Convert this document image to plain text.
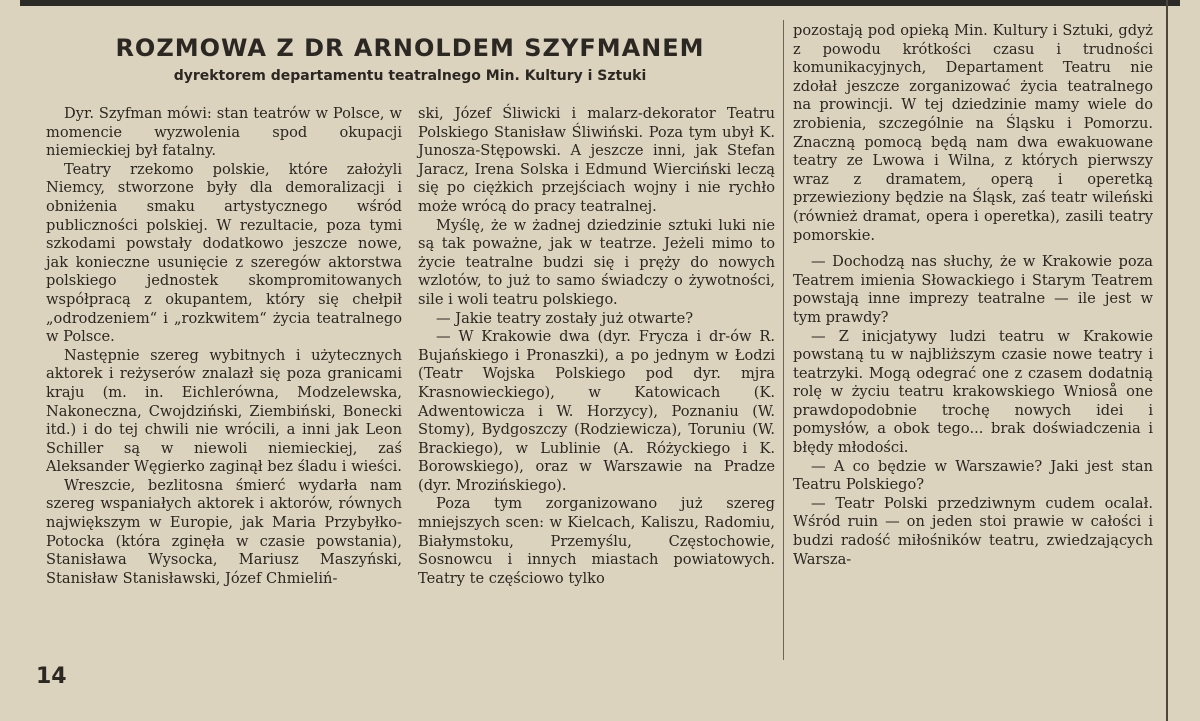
ROZMOWA Z DR ARNOLDEM SZYFMANEM
dyrektorem departamentu teatralnego Min. Kultury i Sztuki

Dyr. Szyfman mówi: stan teatrów w Polsce, w momencie wyzwolenia spod okupacji niemieckiej był fatalny.

Teatry rzekomo polskie, które założyli Niemcy, stworzone były dla demoralizacji i obniżenia smaku artystycznego wśród publiczności polskiej. W rezultacie, poza tymi szkodami powstały dodatkowo jeszcze nowe, jak konieczne usunięcie z szeregów aktorstwa polskiego jednostek skompromitowanych współpracą z okupantem, który się chełpił „odrodzeniem“ i „rozkwitem“ życia teatralnego w Polsce.

Następnie szereg wybitnych i użytecznych aktorek i reżyserów znalazł się poza granicami kraju (m. in. Eichlerówna, Modzelewska, Nakoneczna, Cwojdziński, Ziembiński, Bonecki itd.) i do tej chwili nie wrócili, a inni jak Leon Schiller są w niewoli niemieckiej, zaś Aleksander Węgierko zaginął bez śladu i wieści.

Wreszcie, bezlitosna śmierć wydarła nam szereg wspaniałych aktorek i aktorów, równych największym w Europie, jak Maria Przybyłko-Potocka (która zginęła w czasie powstania), Stanisława Wysocka, Mariusz Maszyński, Stanisław Stanisławski, Józef Chmieliń-

ski, Józef Śliwicki i malarz-dekorator Teatru Polskiego Stanisław Śliwiński. Poza tym ubył K. Junosza-Stępowski. A jeszcze inni, jak Stefan Jaracz, Irena Solska i Edmund Wierciński leczą się po ciężkich przejściach wojny i nie rychło może wrócą do pracy teatralnej.

Myślę, że w żadnej dziedzinie sztuki luki nie są tak poważne, jak w teatrze. Jeżeli mimo to życie teatralne budzi się i pręży do nowych wzlotów, to już to samo świadczy o żywotności, sile i woli teatru polskiego.

— Jakie teatry zostały już otwarte?

— W Krakowie dwa (dyr. Frycza i dr-ów R. Bujańskiego i Pronaszki), a po jednym w Łodzi (Teatr Wojska Polskiego pod dyr. mjra Krasnowieckiego), w Katowicach (K. Adwentowicza i W. Horzycy), Poznaniu (W. Stomy), Bydgoszczy (Rodziewicza), Toruniu (W. Brackiego), w Lublinie (A. Różyckiego i K. Borowskiego), oraz w Warszawie na Pradze (dyr. Mrozińskiego).

Poza tym zorganizowano już szereg mniejszych scen: w Kielcach, Kaliszu, Radomiu, Białymstoku, Przemyślu, Częstochowie, Sosnowcu i innych miastach powiatowych. Teatry te częściowo tylko

pozostają pod opieką Min. Kultury i Sztuki, gdyż z powodu krótkości czasu i trudności komunikacyjnych, Departament Teatru nie zdołał jeszcze zorganizować życia teatralnego na prowincji. W tej dziedzinie mamy wiele do zrobienia, szczególnie na Śląsku i Pomorzu. Znaczną pomocą będą nam dwa ewakuowane teatry ze Lwowa i Wilna, z których pierwszy wraz z dramatem, operą i operetką przewieziony będzie na Śląsk, zaś teatr wileński (również dramat, opera i operetka), zasili teatry pomorskie.

— Dochodzą nas słuchy, że w Krakowie poza Teatrem imienia Słowackiego i Starym Teatrem powstają inne imprezy teatralne — ile jest w tym prawdy?

— Z inicjatywy ludzi teatru w Krakowie powstaną tu w najbliższym czasie nowe teatry i teatrzyki. Mogą odegrać one z czasem dodatnią rolę w życiu teatru krakowskiego Wnioså one prawdopodobnie trochę nowych idei i pomysłów, a obok tego... brak doświadczenia i błędy młodości.

— A co będzie w Warszawie? Jaki jest stan Teatru Polskiego?

— Teatr Polski przedziwnym cudem ocalał. Wśród ruin — on jeden stoi prawie w całości i budzi radość miłośników teatru, zwiedzających Warsza-

14
